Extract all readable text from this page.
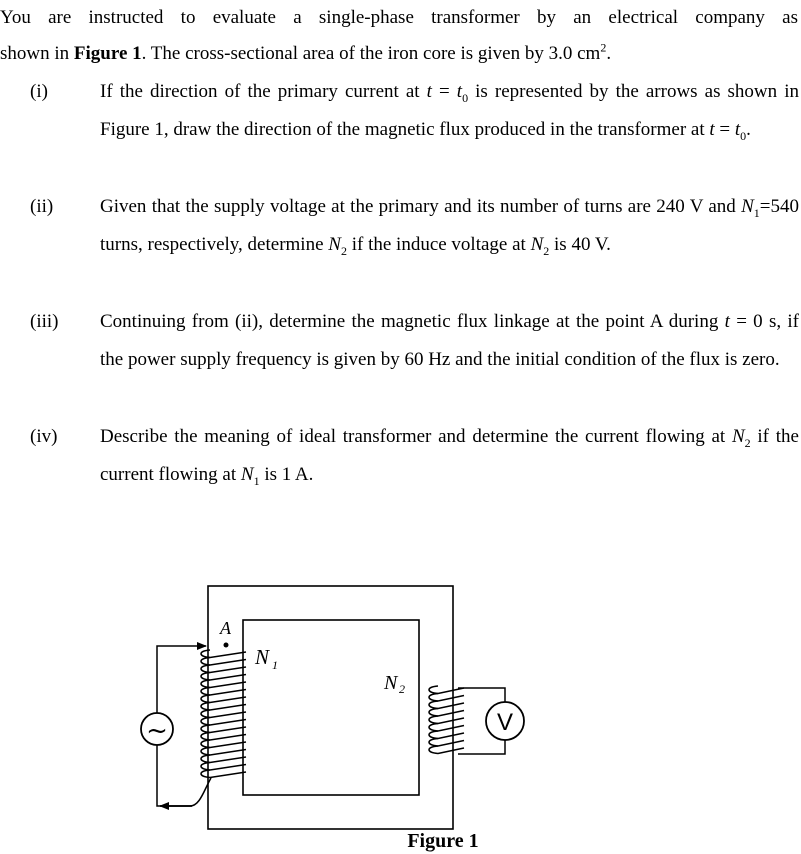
You are instructed to evaluate a single-phase transformer by an electrical company as
shown in Figure 1. The cross-sectional area of the iron core is given by 3.0 $cm^2$.
(i)	If the direction of the primary current at $t = t_0$ is represented by the arrows as shown in Figure 1, draw the direction of the magnetic flux produced in the transformer at $t = t_0$.
(ii) Given that the supply voltage at the primary and its number of turns are 240 V and $N_1=540$ turns, respectively, determine $N_2$ if the induce voltage at $N_2$ is 40 V.
(iii) Continuing from (ii), determine the magnetic flux linkage at the point A during t = 0 s, if the power supply frequency is given by 60 Hz and the initial condition of the flux is zero.
(iv) Describe the meaning of ideal transformer and determine the current flowing at $N_2$ if the current flowing at $N_1$ is 1 A.
~	V
A
N 1
N 2
Figure 1
